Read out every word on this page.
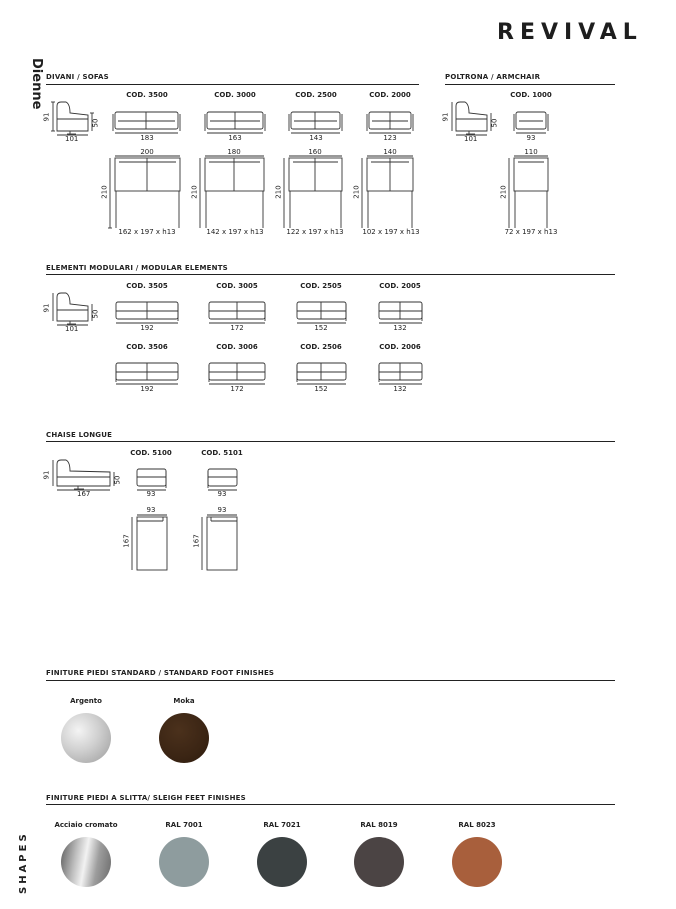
REVIVAL
Dienne
SHAPES
DIVANI / SOFAS	POLTRONA / ARMCHAIR
ELEMENTI MODULARI / MODULAR ELEMENTS
CHAISE LONGUE
FINITURE PIEDI STANDARD / STANDARD FOOT FINISHES
FINITURE PIEDI A SLITTA/ SLEIGH FEET FINISHES
91
50
101
91
50
101
91
50
101
91
50
167
COD. 3500	COD. 3000	COD. 2500	COD. 2000	COD. 1000
183	163	143	123	93
200	180	160	140	110
210	210	210	210	210
162 x 197 x h13	142 x 197 x h13	122 x 197 x h13	102 x 197 x h13	72 x 197 x h13
COD. 3505	COD. 3005	COD. 2505	COD. 2005
192	172	152	132
COD. 3506	COD. 3006	COD. 2506	COD. 2006
192	172	152	132
COD. 5100	COD. 5101
93	93
93	93
167	167
Argento	Moka
Acciaio cromato	RAL 7001	RAL 7021	RAL 8019	RAL 8023
